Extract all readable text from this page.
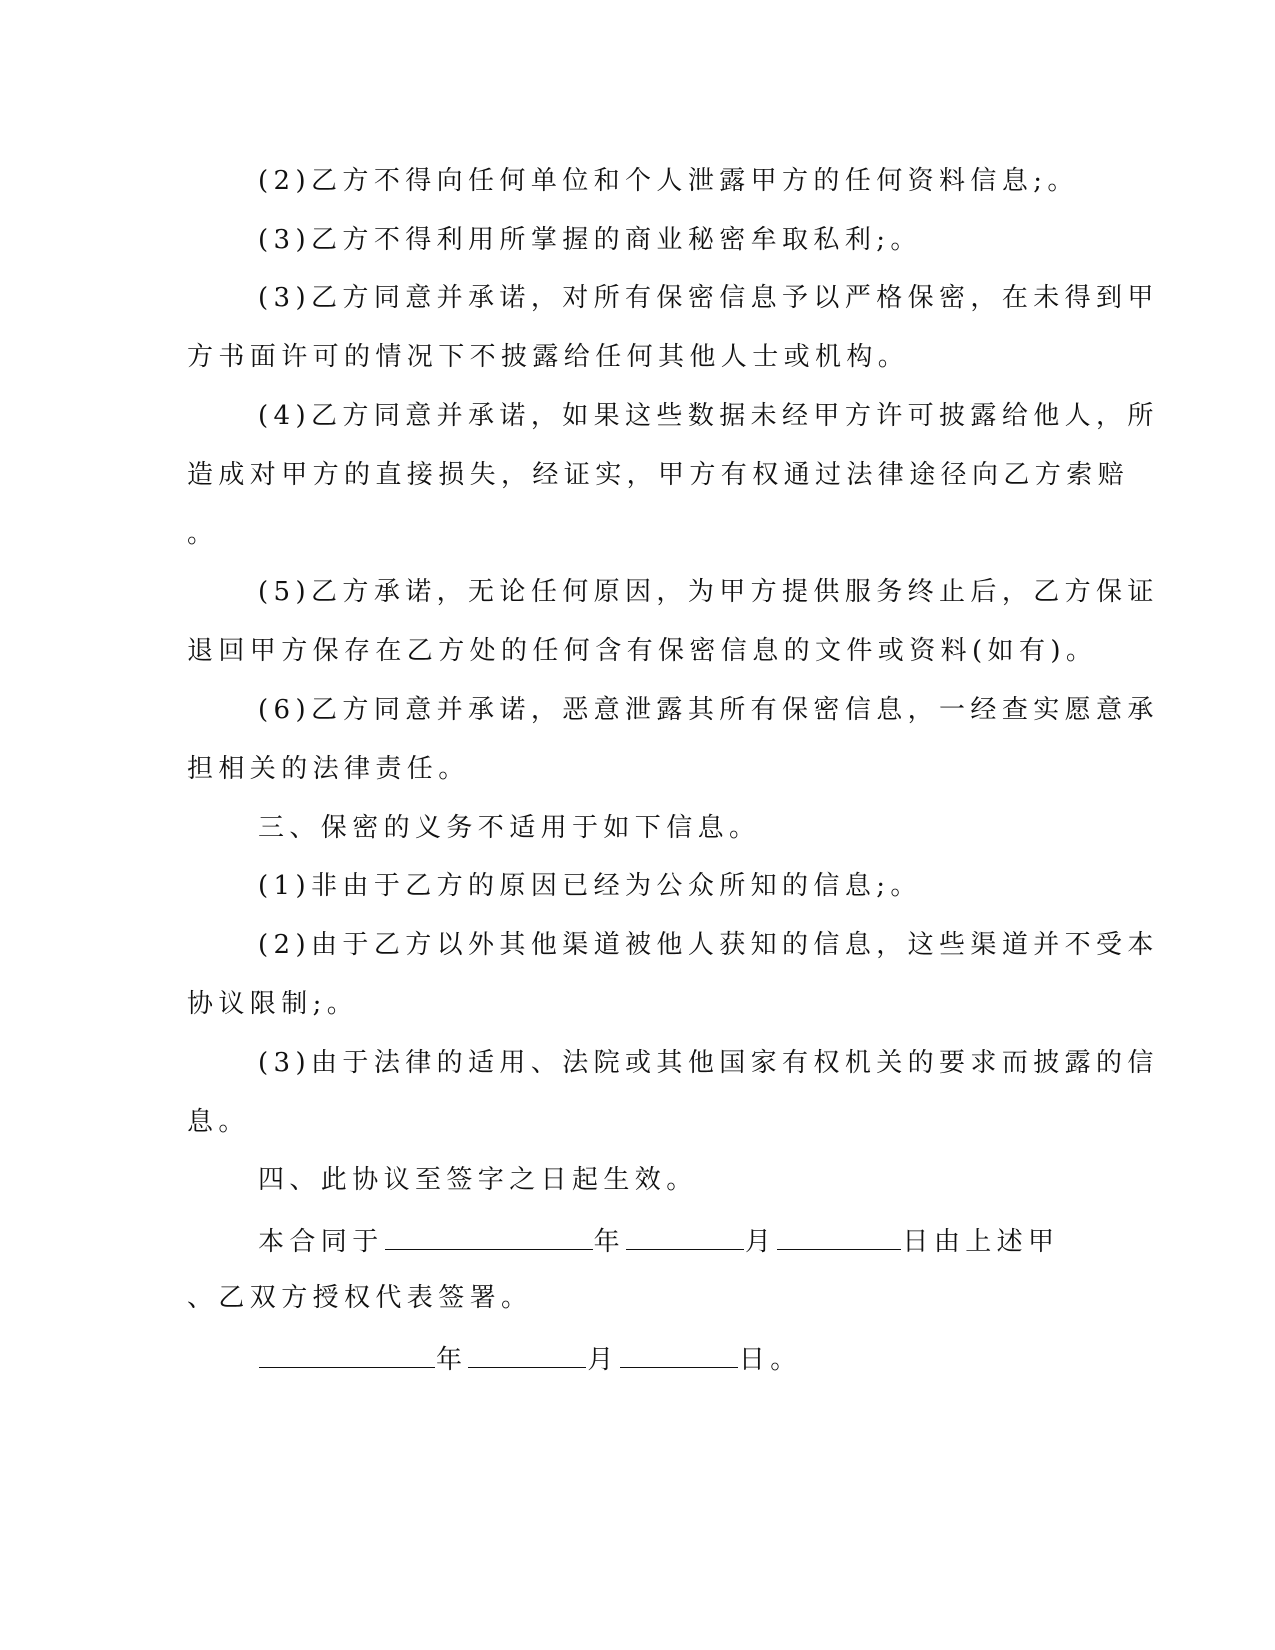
(2)乙方不得向任何单位和个人泄露甲方的任何资料信息;。
(3)乙方不得利用所掌握的商业秘密牟取私利;。
(3)乙方同意并承诺，对所有保密信息予以严格保密，在未得到甲
方书面许可的情况下不披露给任何其他人士或机构。
(4)乙方同意并承诺，如果这些数据未经甲方许可披露给他人，所
造成对甲方的直接损失，经证实，甲方有权通过法律途径向乙方索赔
。
(5)乙方承诺，无论任何原因，为甲方提供服务终止后，乙方保证
退回甲方保存在乙方处的任何含有保密信息的文件或资料(如有)。
(6)乙方同意并承诺，恶意泄露其所有保密信息，一经查实愿意承
担相关的法律责任。
三、保密的义务不适用于如下信息。
(1)非由于乙方的原因已经为公众所知的信息;。
(2)由于乙方以外其他渠道被他人获知的信息，这些渠道并不受本
协议限制;。
(3)由于法律的适用、法院或其他国家有权机关的要求而披露的信
息。
四、此协议至签字之日起生效。
本合同于	年	月	日由上述甲
、乙双方授权代表签署。
年	月	日。
